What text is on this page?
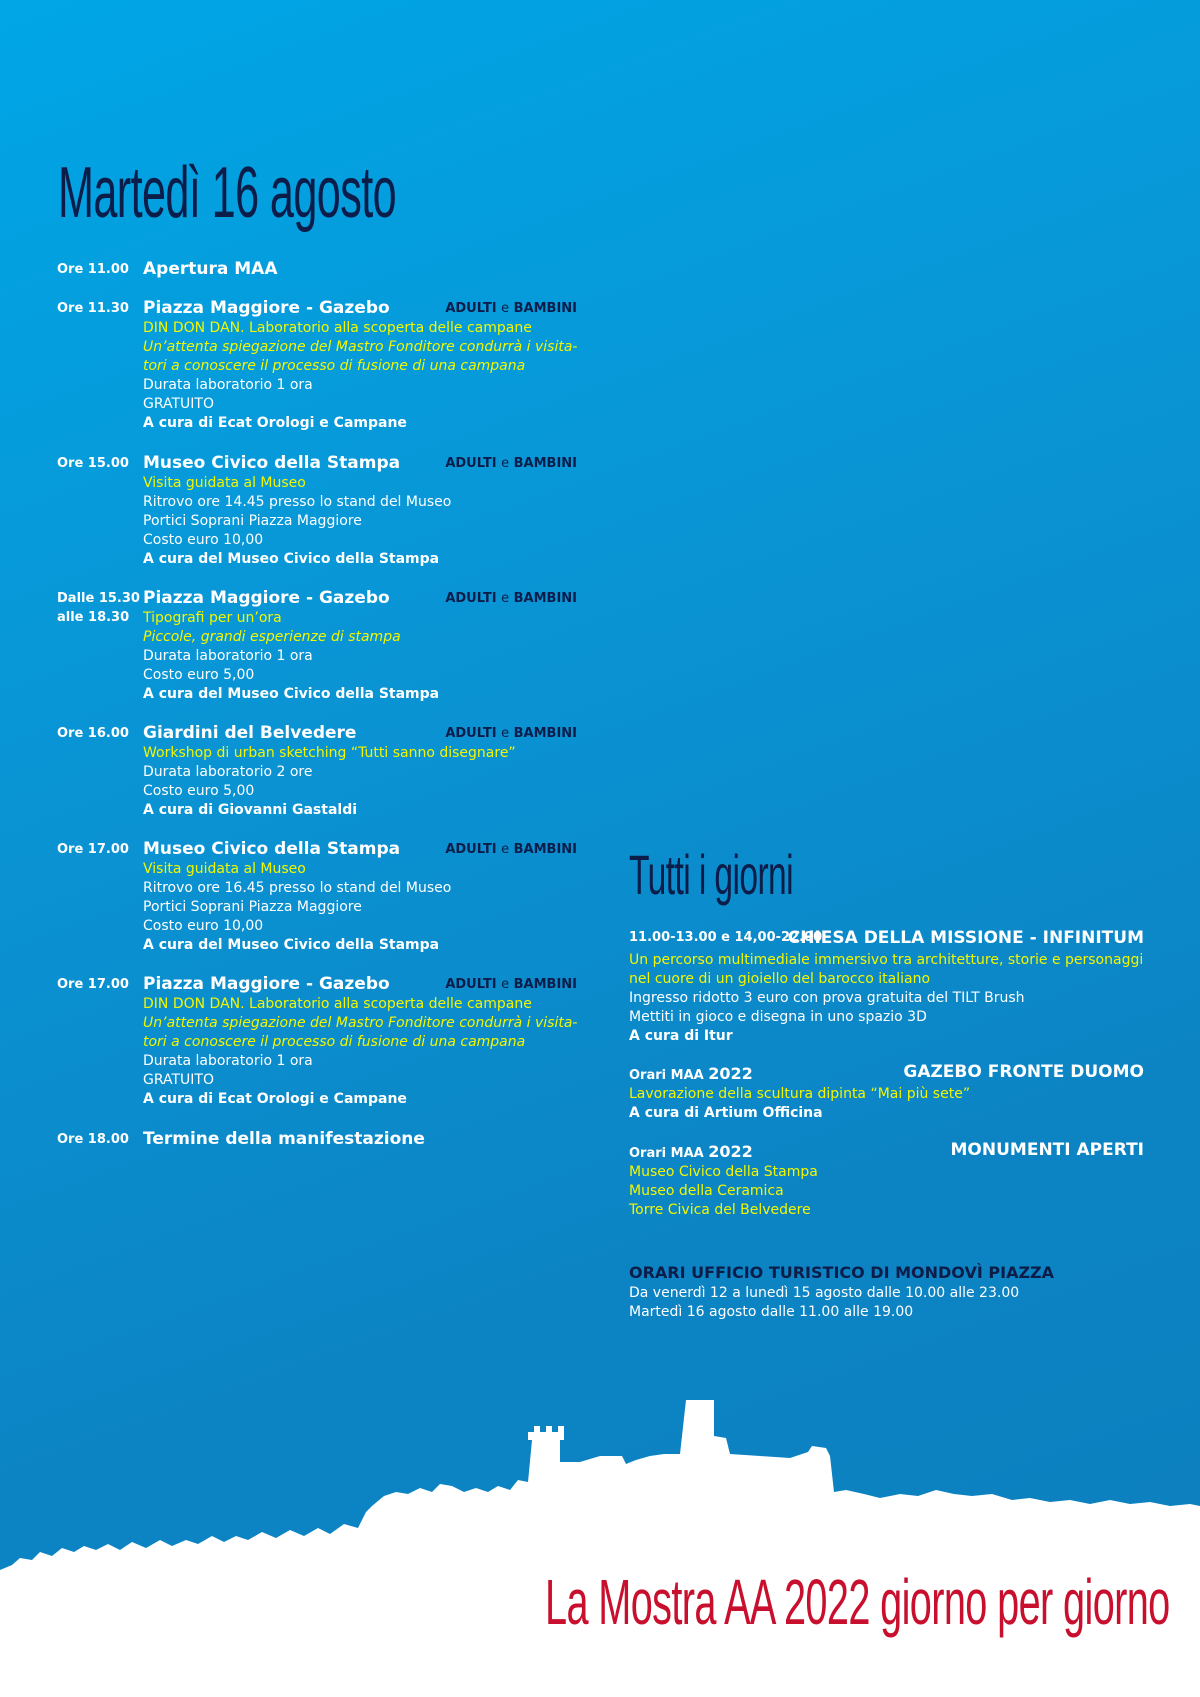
Martedì 16 agosto
Ore 11.00 Apertura MAA
Ore 11.30 Piazza Maggiore - Gazebo	ADULTI e BAMBINI
DIN DON DAN. Laboratorio alla scoperta delle campane
Un’attenta spiegazione del Mastro Fonditore condurrà i visita-
tori a conoscere il processo di fusione di una campana
Durata laboratorio 1 ora
GRATUITO
A cura di Ecat Orologi e Campane
Ore 15.00 Museo Civico della Stampa	ADULTI e BAMBINI
Visita guidata al Museo
Ritrovo ore 14.45 presso lo stand del Museo
Portici Soprani Piazza Maggiore
Costo euro 10,00
A cura del Museo Civico della Stampa
Dalle 15.30
alle 18.30
Piazza Maggiore - Gazebo	ADULTI e BAMBINI
Tipografi per un’ora
Piccole, grandi esperienze di stampa
Durata laboratorio 1 ora
Costo euro 5,00
A cura del Museo Civico della Stampa
Ore 16.00 Giardini del Belvedere	ADULTI e BAMBINI
Workshop di urban sketching “Tutti sanno disegnare”
Durata laboratorio 2 ore
Costo euro 5,00
A cura di Giovanni Gastaldi
Ore 17.00 Museo Civico della Stampa	ADULTI e BAMBINI
Visita guidata al Museo
Ritrovo ore 16.45 presso lo stand del Museo
Portici Soprani Piazza Maggiore
Costo euro 10,00
A cura del Museo Civico della Stampa
Ore 17.00 Piazza Maggiore - Gazebo	ADULTI e BAMBINI
DIN DON DAN. Laboratorio alla scoperta delle campane
Un’attenta spiegazione del Mastro Fonditore condurrà i visita-
tori a conoscere il processo di fusione di una campana
Durata laboratorio 1 ora
GRATUITO
A cura di Ecat Orologi e Campane
Ore 18.00 Termine della manifestazione
Tutti i giorni
11.00-13.00 e 14,00-22.00
CHIESA DELLA MISSIONE - INFINITUM
Un percorso multimediale immersivo tra architetture, storie e personaggi nel cuore di un gioiello del barocco italiano
Ingresso ridotto 3 euro con prova gratuita del TILT Brush
Mettiti in gioco e disegna in uno spazio 3D
A cura di Itur
Orari MAA 2022	GAZEBO FRONTE DUOMO
Lavorazione della scultura dipinta “Mai più sete”
A cura di Artium Officina
Orari MAA 2022	MONUMENTI APERTI
Museo Civico della Stampa
Museo della Ceramica
Torre Civica del Belvedere
ORARI UFFICIO TURISTICO DI MONDOVÌ PIAZZA
Da venerdì 12 a lunedì 15 agosto dalle 10.00 alle 23.00
Martedì 16 agosto dalle 11.00 alle 19.00
La Mostra AA 2022 giorno per giorno
